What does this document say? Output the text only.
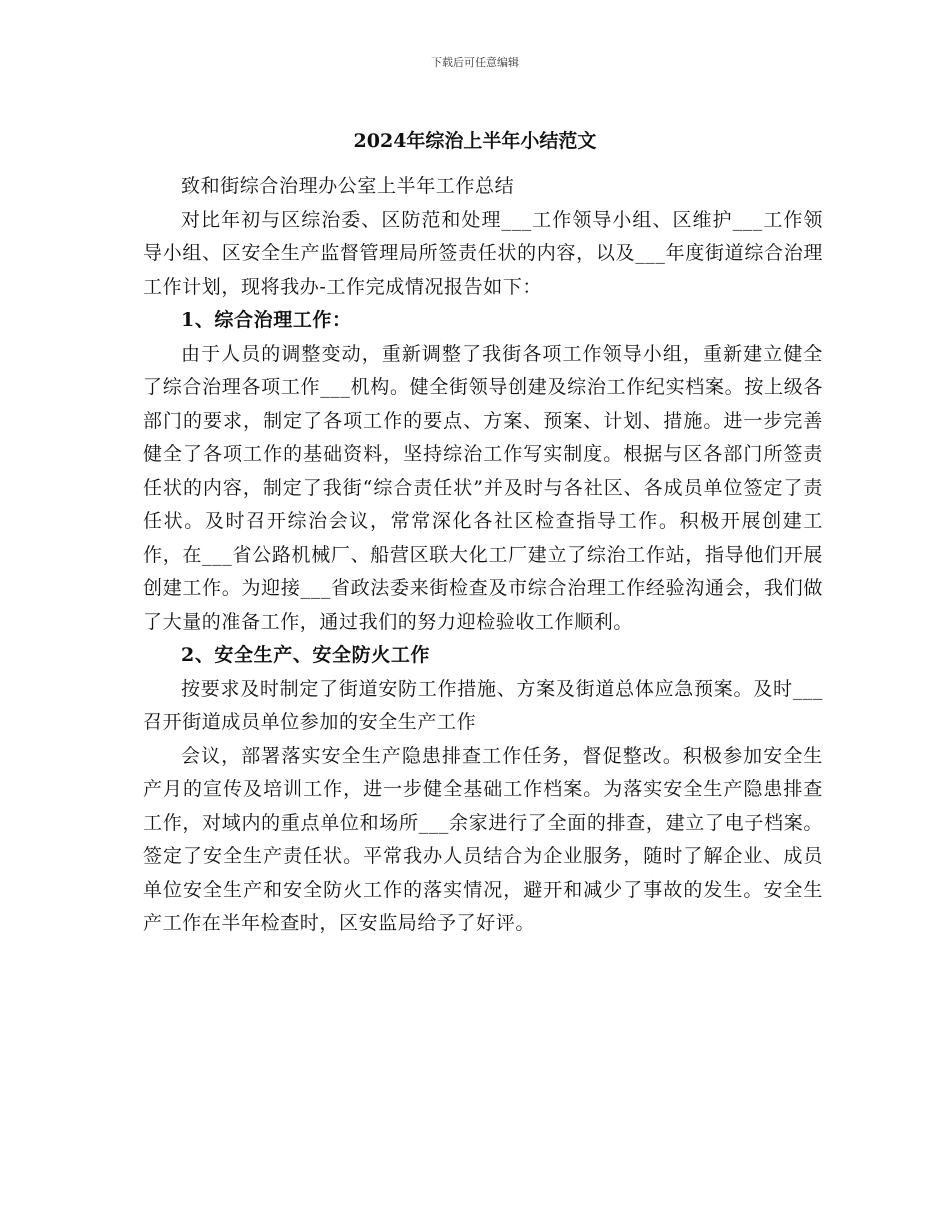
下载后可任意编辑
2024年综治上半年小结范文

致和街综合治理办公室上半年工作总结

对比年初与区综治委、区防范和处理___工作领导小组、区维护___工作领导小组、区安全生产监督管理局所签责任状的内容，以及___年度街道综合治理工作计划，现将我办-工作完成情况报告如下：

1、综合治理工作：

由于人员的调整变动，重新调整了我街各项工作领导小组，重新建立健全了综合治理各项工作___机构。健全街领导创建及综治工作纪实档案。按上级各部门的要求，制定了各项工作的要点、方案、预案、计划、措施。进一步完善健全了各项工作的基础资料，坚持综治工作写实制度。根据与区各部门所签责任状的内容，制定了我街“综合责任状”并及时与各社区、各成员单位签定了责任状。及时召开综治会议，常常深化各社区检查指导工作。积极开展创建工作，在___省公路机械厂、船营区联大化工厂建立了综治工作站，指导他们开展创建工作。为迎接___省政法委来街检查及市综合治理工作经验沟通会，我们做了大量的准备工作，通过我们的努力迎检验收工作顺利。

2、安全生产、安全防火工作

按要求及时制定了街道安防工作措施、方案及街道总体应急预案。及时___召开街道成员单位参加的安全生产工作

会议，部署落实安全生产隐患排查工作任务，督促整改。积极参加安全生产月的宣传及培训工作，进一步健全基础工作档案。为落实安全生产隐患排查工作，对域内的重点单位和场所___余家进行了全面的排查，建立了电子档案。签定了安全生产责任状。平常我办人员结合为企业服务，随时了解企业、成员单位安全生产和安全防火工作的落实情况，避开和减少了事故的发生。安全生产工作在半年检查时，区安监局给予了好评。
